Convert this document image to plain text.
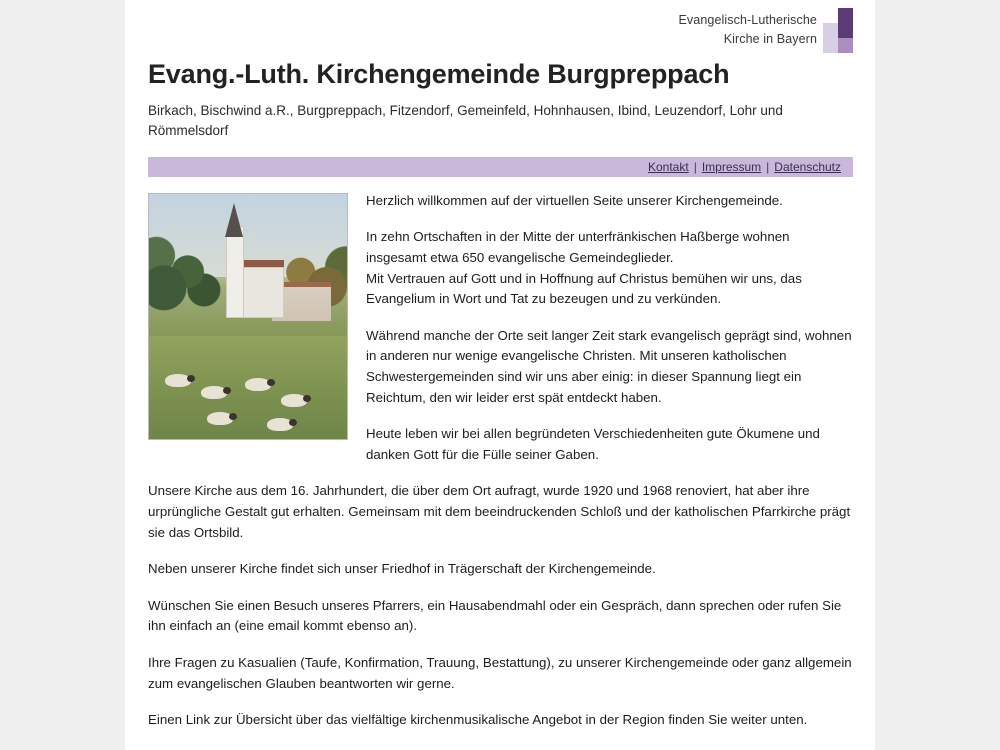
Evangelisch-Lutherische
Kirche in Bayern
Evang.-Luth. Kirchengemeinde Burgpreppach
Birkach, Bischwind a.R., Burgpreppach, Fitzendorf, Gemeinfeld, Hohnhausen, Ibind, Leuzendorf, Lohr und Römmelsdorf
Kontakt | Impressum | Datenschutz

Herzlich willkommen auf der virtuellen Seite unserer Kirchengemeinde.

In zehn Ortschaften in der Mitte der unterfränkischen Haßberge wohnen insgesamt etwa 650 evangelische Gemeindeglieder.

Mit Vertrauen auf Gott und in Hoffnung auf Christus bemühen wir uns, das Evangelium in Wort und Tat zu bezeugen und zu verkünden.

Während manche der Orte seit langer Zeit stark evangelisch geprägt sind, wohnen in anderen nur wenige evangelische Christen. Mit unseren katholischen Schwestergemeinden sind wir uns aber einig: in dieser Spannung liegt ein Reichtum, den wir leider erst spät entdeckt haben.

Heute leben wir bei allen begründeten Verschiedenheiten gute Ökumene und danken Gott für die Fülle seiner Gaben.

Unsere Kirche aus dem 16. Jahrhundert, die über dem Ort aufragt, wurde 1920 und 1968 renoviert, hat aber ihre urprüngliche Gestalt gut erhalten. Gemeinsam mit dem beeindruckenden Schloß und der katholischen Pfarrkirche prägt sie das Ortsbild.

Neben unserer Kirche findet sich unser Friedhof in Trägerschaft der Kirchengemeinde.

Wünschen Sie einen Besuch unseres Pfarrers, ein Hausabendmahl oder ein Gespräch, dann sprechen oder rufen Sie ihn einfach an (eine email kommt ebenso an).

Ihre Fragen zu Kasualien (Taufe, Konfirmation, Trauung, Bestattung), zu unserer Kirchengemeinde oder ganz allgemein zum evangelischen Glauben beantworten wir gerne.

Einen Link zur Übersicht über das vielfältige kirchenmusikalische Angebot in der Region finden Sie weiter unten.
